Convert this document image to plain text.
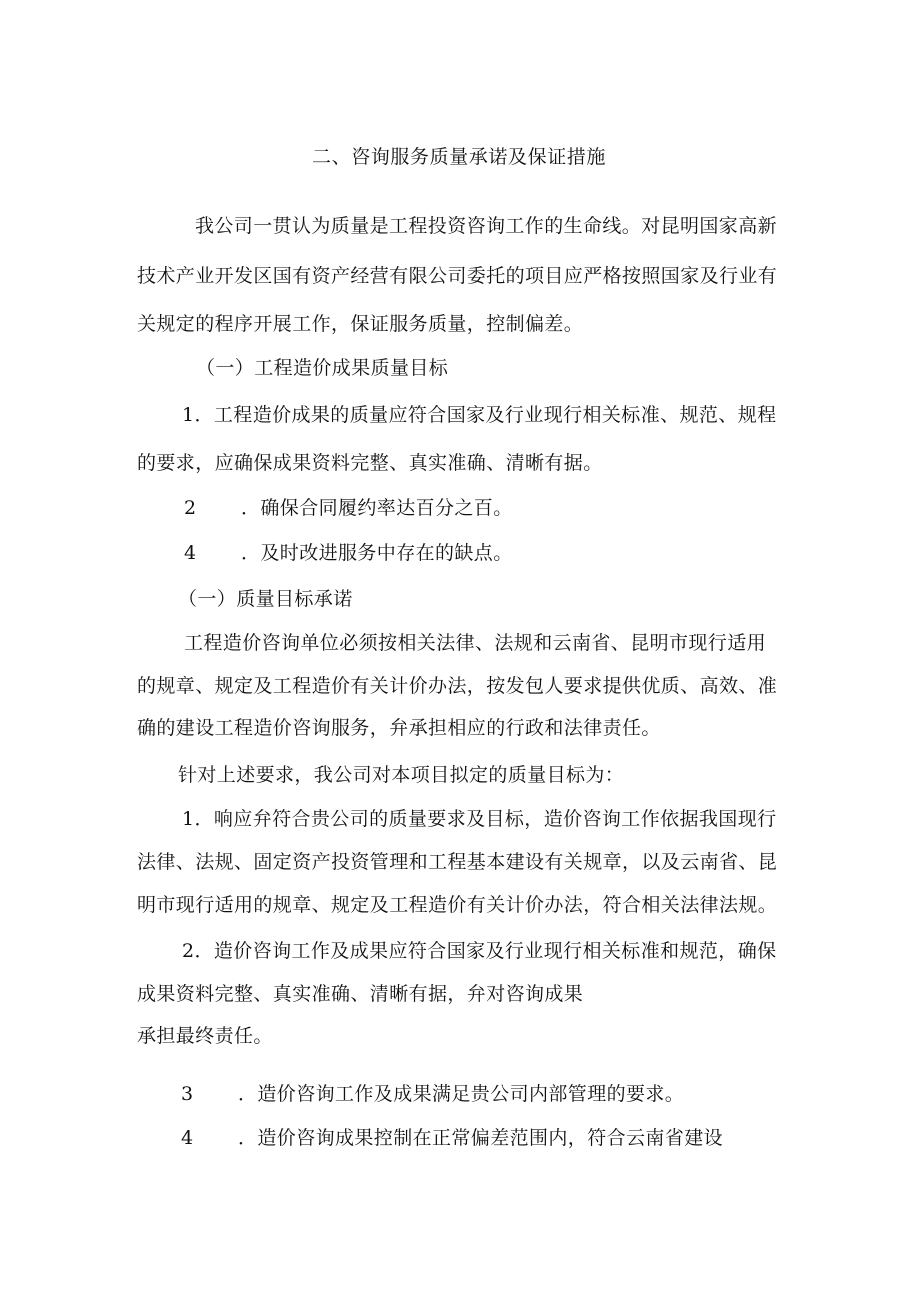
二、咨询服务质量承诺及保证措施
我公司一贯认为质量是工程投资咨询工作的生命线。对昆明国家高新
技术产业开发区国有资产经营有限公司委托的项目应严格按照国家及行业有
关规定的程序开展工作，保证服务质量，控制偏差。
（一）工程造价成果质量目标
1．工程造价成果的质量应符合国家及行业现行相关标准、规范、规程
的要求，应确保成果资料完整、真实准确、清晰有据。
2 ．确保合同履约率达百分之百。
4 ．及时改进服务中存在的缺点。
（一）质量目标承诺
工程造价咨询单位必须按相关法律、法规和云南省、昆明市现行适用
的规章、规定及工程造价有关计价办法，按发包人要求提供优质、高效、准
确的建设工程造价咨询服务，弁承担相应的行政和法律责任。
针对上述要求，我公司对本项目拟定的质量目标为：
1．响应弁符合贵公司的质量要求及目标，造价咨询工作依据我国现行
法律、法规、固定资产投资管理和工程基本建设有关规章，以及云南省、昆
明市现行适用的规章、规定及工程造价有关计价办法，符合相关法律法规。
2．造价咨询工作及成果应符合国家及行业现行相关标准和规范，确保
成果资料完整、真实准确、清晰有据，弁对咨询成果
承担最终责任。
3 ．造价咨询工作及成果满足贵公司内部管理的要求。
4 ．造价咨询成果控制在正常偏差范围内，符合云南省建设
